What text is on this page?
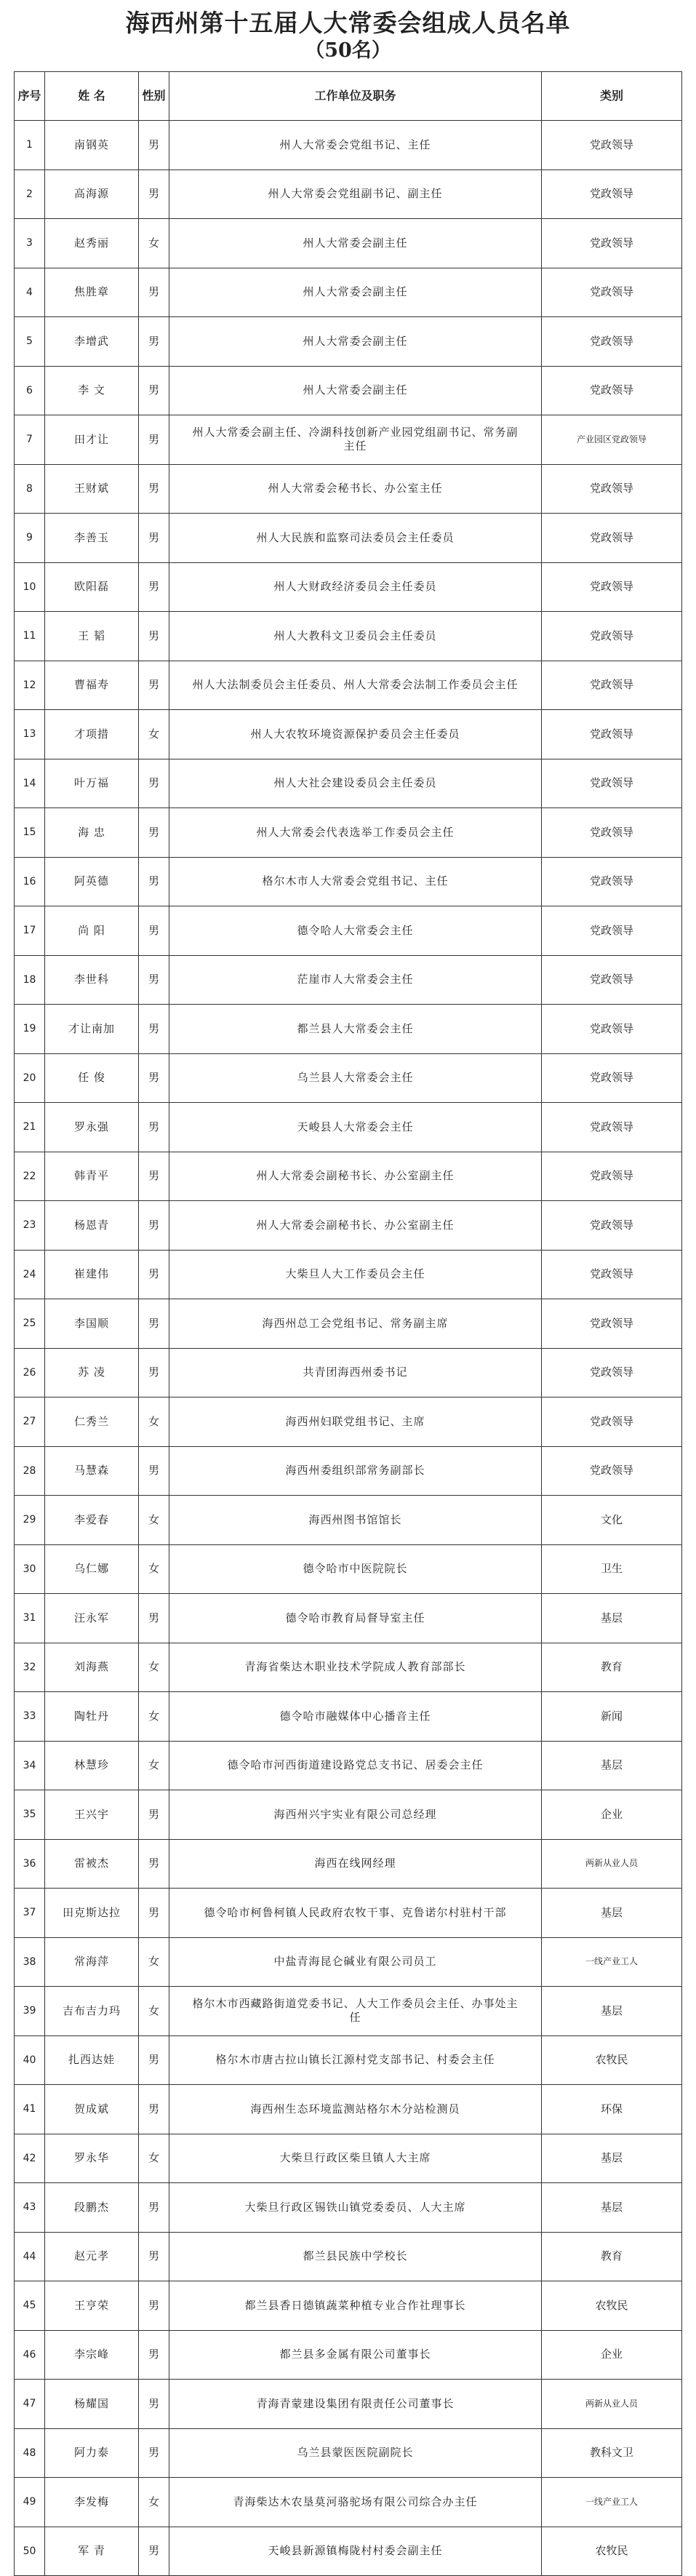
海西州第十五届人大常委会组成人员名单
（50名）
序号	姓 名	性别	工作单位及职务	类别
1	南钢英	男	州人大常委会党组书记、主任	党政领导
2	高海源	男	州人大常委会党组副书记、副主任	党政领导
3	赵秀丽	女	州人大常委会副主任	党政领导
4	焦胜章	男	州人大常委会副主任	党政领导
5	李增武	男	州人大常委会副主任	党政领导
6	李 文	男	州人大常委会副主任	党政领导
7	田才让	男	州人大常委会副主任、冷湖科技创新产业园党组副书记、常务副主任	产业园区党政领导
8	王财斌	男	州人大常委会秘书长、办公室主任	党政领导
9	李善玉	男	州人大民族和监察司法委员会主任委员	党政领导
10	欧阳磊	男	州人大财政经济委员会主任委员	党政领导
11	王 韬	男	州人大教科文卫委员会主任委员	党政领导
12	曹福寿	男	州人大法制委员会主任委员、州人大常委会法制工作委员会主任	党政领导
13	才项措	女	州人大农牧环境资源保护委员会主任委员	党政领导
14	叶万福	男	州人大社会建设委员会主任委员	党政领导
15	海 忠	男	州人大常委会代表选举工作委员会主任	党政领导
16	阿英德	男	格尔木市人大常委会党组书记、主任	党政领导
17	尚 阳	男	德令哈人大常委会主任	党政领导
18	李世科	男	茫崖市人大常委会主任	党政领导
19	才让南加	男	都兰县人大常委会主任	党政领导
20	任 俊	男	乌兰县人大常委会主任	党政领导
21	罗永强	男	天峻县人大常委会主任	党政领导
22	韩青平	男	州人大常委会副秘书长、办公室副主任	党政领导
23	杨恩青	男	州人大常委会副秘书长、办公室副主任	党政领导
24	崔建伟	男	大柴旦人大工作委员会主任	党政领导
25	李国顺	男	海西州总工会党组书记、常务副主席	党政领导
26	苏 凌	男	共青团海西州委书记	党政领导
27	仁秀兰	女	海西州妇联党组书记、主席	党政领导
28	马慧森	男	海西州委组织部常务副部长	党政领导
29	李爱春	女	海西州图书馆馆长	文化
30	乌仁娜	女	德令哈市中医院院长	卫生
31	汪永军	男	德令哈市教育局督导室主任	基层
32	刘海燕	女	青海省柴达木职业技术学院成人教育部部长	教育
33	陶牡丹	女	德令哈市融媒体中心播音主任	新闻
34	林慧珍	女	德令哈市河西街道建设路党总支书记、居委会主任	基层
35	王兴宇	男	海西州兴宇实业有限公司总经理	企业
36	雷被杰	男	海西在线网经理	两新从业人员
37	田克斯达拉	男	德令哈市柯鲁柯镇人民政府农牧干事、克鲁诺尔村驻村干部	基层
38	常海萍	女	中盐青海昆仑碱业有限公司员工	一线产业工人
39	吉布吉力玛	女	格尔木市西藏路街道党委书记、人大工作委员会主任、办事处主任	基层
40	扎西达娃	男	格尔木市唐古拉山镇长江源村党支部书记、村委会主任	农牧民
41	贺成斌	男	海西州生态环境监测站格尔木分站检测员	环保
42	罗永华	女	大柴旦行政区柴旦镇人大主席	基层
43	段鹏杰	男	大柴旦行政区锡铁山镇党委委员、人大主席	基层
44	赵元孝	男	都兰县民族中学校长	教育
45	王亨荣	男	都兰县香日德镇蔬菜种植专业合作社理事长	农牧民
46	李宗峰	男	都兰县多金属有限公司董事长	企业
47	杨耀国	男	青海青蒙建设集团有限责任公司董事长	两新从业人员
48	阿力泰	男	乌兰县蒙医医院副院长	教科文卫
49	李发梅	女	青海柴达木农垦莫河骆驼场有限公司综合办主任	一线产业工人
50	军 青	男	天峻县新源镇梅陇村村委会副主任	农牧民
